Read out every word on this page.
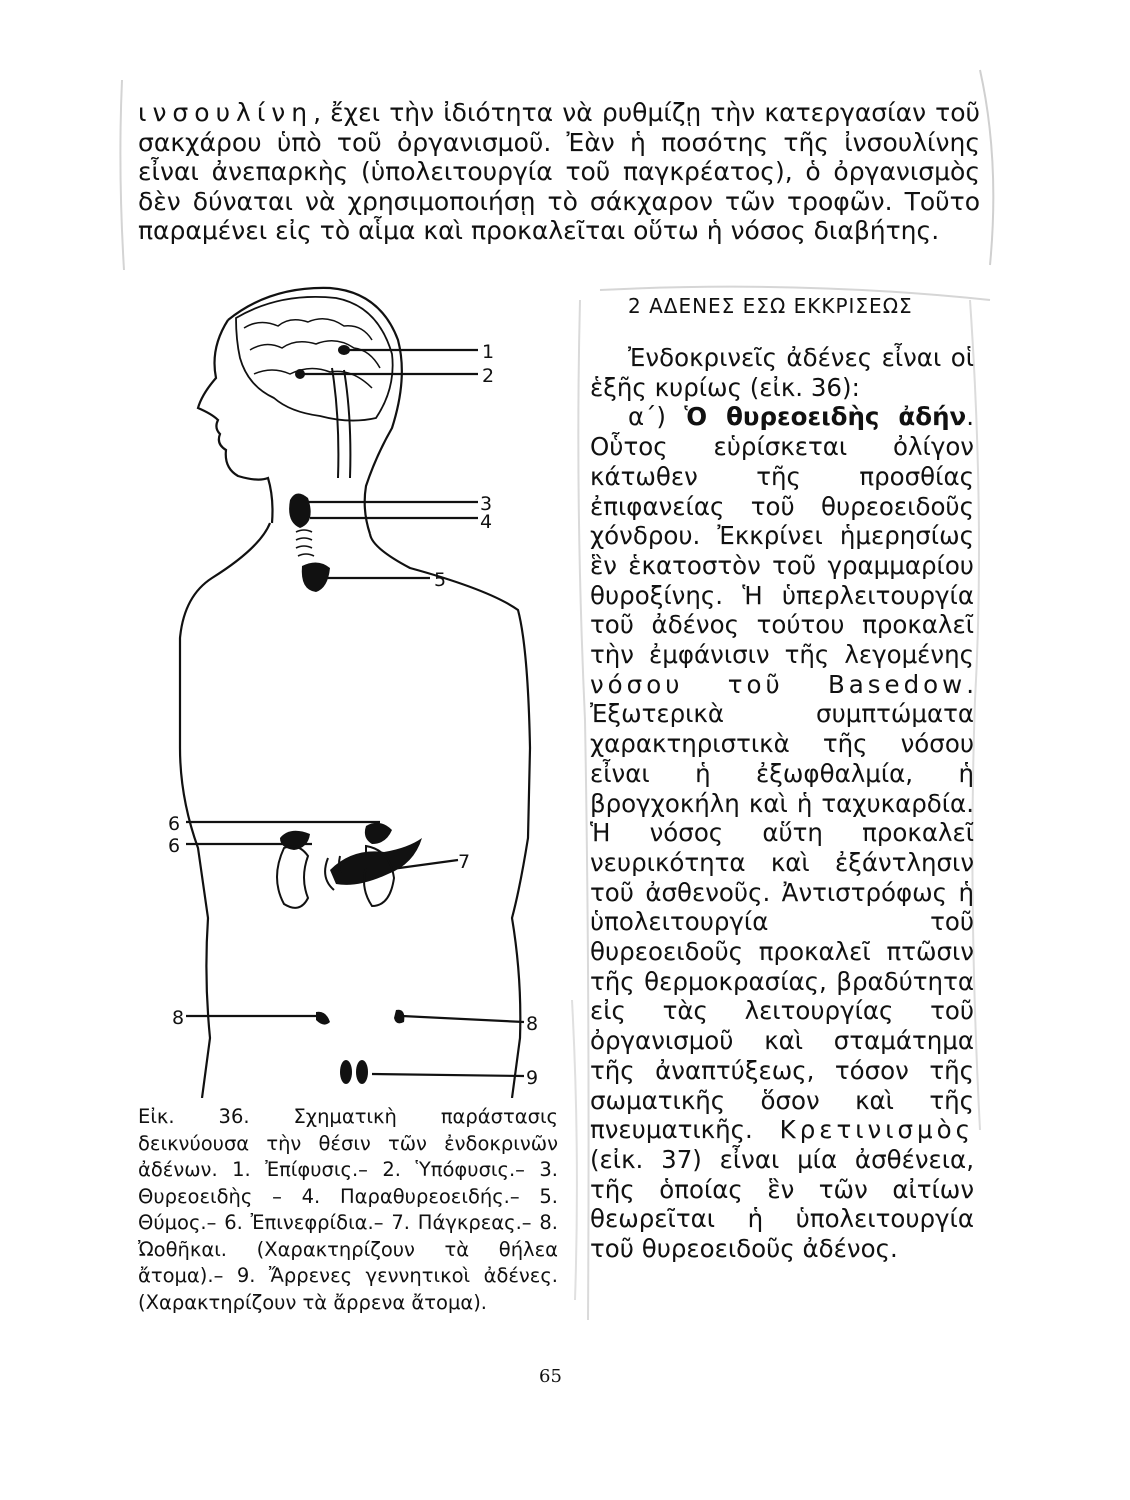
ινσουλίνη, ἔχει τὴν ἰδιότητα νὰ ρυθμίζῃ τὴν κατεργασίαν τοῦ σακχάρου ὑπὸ τοῦ ὀργανισμοῦ. Ἐὰν ἡ ποσότης τῆς ἰνσουλίνης εἶναι ἀνεπαρκὴς (ὑπολειτουργία τοῦ παγκρέατος), ὁ ὀργανισμὸς δὲν δύναται νὰ χρησιμοποιήσῃ τὸ σάκχαρον τῶν τροφῶν. Τοῦτο παραμένει εἰς τὸ αἷμα καὶ προκαλεῖται οὕτω ἡ νόσος διαβήτης.

1
2
3
4
5
6
6
7
8	8
9
Εἰκ. 36. Σχηματικὴ παράστασις δεικνύουσα τὴν θέσιν τῶν ἐνδοκρινῶν ἀδένων. 1. Ἐπίφυσις.– 2. Ὑπόφυσις.– 3. Θυρεοειδὴς – 4. Παραθυρεοειδής.– 5. Θύμος.– 6. Ἐπινεφρίδια.– 7. Πάγκρεας.– 8. Ὠοθῆκαι. (Χαρακτηρίζουν τὰ θήλεα ἄτομα).– 9. Ἄρρενες γεννητικοὶ ἀδένες. (Χαρακτηρίζουν τὰ ἄρρενα ἄτομα).
2 ΑΔΕΝΕΣ ΕΣΩ ΕΚΚΡΙΣΕΩΣ

Ἐνδοκρινεῖς ἀδένες εἶναι οἱ ἑξῆς κυρίως (εἰκ. 36):

α΄) Ὁ θυρεοειδὴς ἀδήν. Οὗτος εὑρίσκεται ὀλίγον κάτωθεν τῆς προσθίας ἐπιφανείας τοῦ θυρεοειδοῦς χόνδρου. Ἐκκρίνει ἡμερησίως ἓν ἑκατοστὸν τοῦ γραμμαρίου θυροξίνης. Ἡ ὑπερλειτουργία τοῦ ἀδένος τούτου προκαλεῖ τὴν ἐμφάνισιν τῆς λεγομένης νόσου τοῦ Basedow. Ἐξωτερικὰ συμπτώματα χαρακτηριστικὰ τῆς νόσου εἶναι ἡ ἐξωφθαλμία, ἡ βρογχοκήλη καὶ ἡ ταχυκαρδία. Ἡ νόσος αὕτη προκαλεῖ νευρικότητα καὶ ἐξάντλησιν τοῦ ἀσθενοῦς. Ἀντιστρόφως ἡ ὑπολειτουργία τοῦ θυρεοειδοῦς προκαλεῖ πτῶσιν τῆς θερμοκρασίας, βραδύτητα εἰς τὰς λειτουργίας τοῦ ὀργανισμοῦ καὶ σταμάτημα τῆς ἀναπτύξεως, τόσον τῆς σωματικῆς ὅσον καὶ τῆς πνευματικῆς. Κρετινισμὸς (εἰκ. 37) εἶναι μία ἀσθένεια, τῆς ὁποίας ἓν τῶν αἰτίων θεωρεῖται ἡ ὑπολειτουργία τοῦ θυρεοειδοῦς ἀδένος.

65
